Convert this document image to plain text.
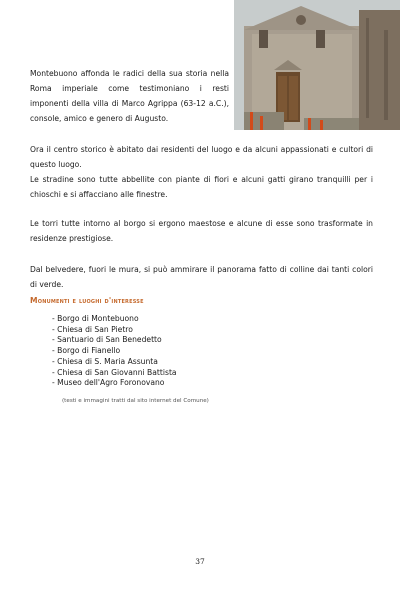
Montebuono affonda le radici della sua storia nella Roma imperiale come testimoniano i resti imponenti della villa di Marco Agrippa (63-12 a.C.), console, amico e genero di Augusto.

Ora il centro storico è abitato dai residenti del luogo e da alcuni appassionati e cultori di questo luogo.

Le stradine sono tutte abbellite con piante di fiori e alcuni gatti girano tranquilli per i chioschi e si affacciano alle finestre.

Le torri tutte intorno al borgo si ergono maestose e alcune di esse sono trasformate in residenze prestigiose.

Dal belvedere, fuori le mura, si può ammirare il panorama fatto di colline dai tanti colori di verde.

Monumenti e luoghi d'interesse

- Borgo di Montebuono
- Chiesa di San Pietro
- Santuario di San Benedetto
- Borgo di Fianello
- Chiesa di S. Maria Assunta
- Chiesa di San Giovanni Battista
- Museo dell'Agro Foronovano

(testi e immagini tratti dal sito internet del Comune)

37
